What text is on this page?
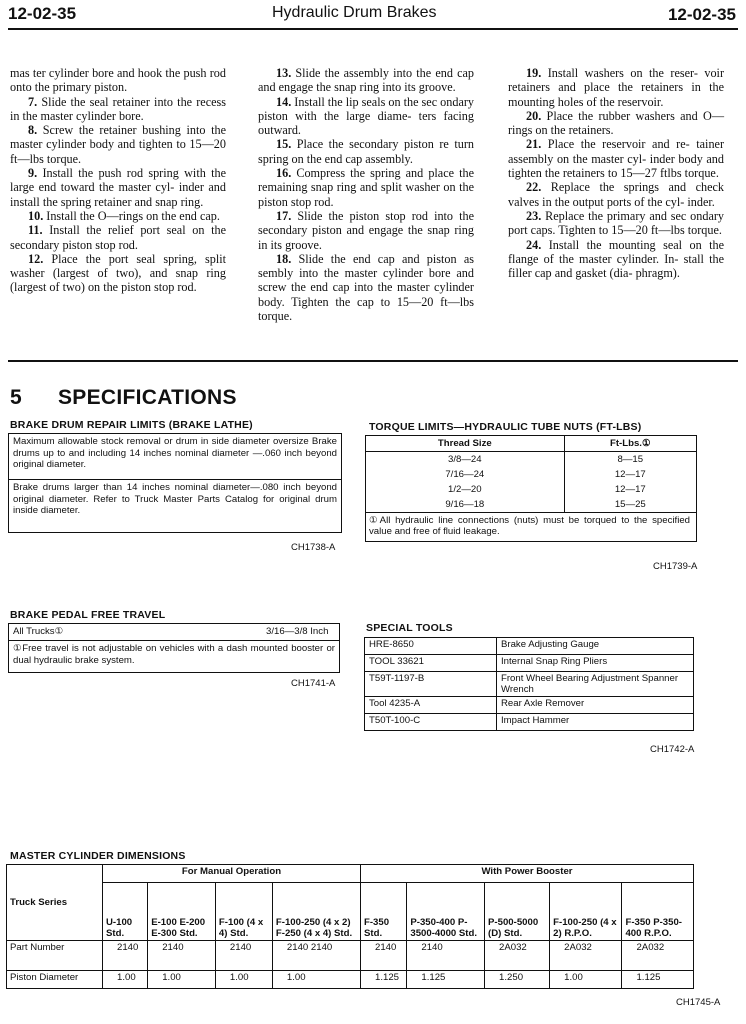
12-02-35	Hydraulic Drum Brakes	12-02-35

mas ter cylinder bore and hook the push rod onto the primary piston.

7. Slide the seal retainer into the recess in the master cylinder bore.

8. Screw the retainer bushing into the master cylinder body and tighten to 15—20 ft—lbs torque.

9. Install the push rod spring with the large end toward the master cyl- inder and install the spring retainer and snap ring.

10. Install the O—rings on the end cap.

11. Install the relief port seal on the secondary piston stop rod.

12. Place the port seal spring, split washer (largest of two), and snap ring (largest of two) on the piston stop rod.

13. Slide the assembly into the end cap and engage the snap ring into its groove.

14. Install the lip seals on the sec ondary piston with the large diame- ters facing outward.

15. Place the secondary piston re turn spring on the end cap assembly.

16. Compress the spring and place the remaining snap ring and split washer on the piston stop rod.

17. Slide the piston stop rod into the secondary piston and engage the snap ring in its groove.

18. Slide the end cap and piston as sembly into the master cylinder bore and screw the end cap into the master cylinder body. Tighten the cap to 15—20 ft—lbs torque.

19. Install washers on the reser- voir retainers and place the retainers in the mounting holes of the reservoir.

20. Place the rubber washers and O—rings on the retainers.

21. Place the reservoir and re- tainer assembly on the master cyl- inder body and tighten the retainers to 15—27 ftlbs torque.

22. Replace the springs and check valves in the output ports of the cyl- inder.

23. Replace the primary and sec ondary port caps. Tighten to 15—20 ft—lbs torque.

24. Install the mounting seal on the flange of the master cylinder. In- stall the filler cap and gasket (dia- phragm).

5 SPECIFICATIONS
BRAKE DRUM REPAIR LIMITS (BRAKE LATHE)
Maximum allowable stock removal or drum in side diameter oversize Brake drums up to and including 14 inches nominal diameter —.060 inch beyond original diameter.
Brake drums larger than 14 inches nominal diameter—.080 inch beyond original diameter. Refer to Truck Master Parts Catalog for original drum inside diameter.
CH1738-A
TORQUE LIMITS—HYDRAULIC TUBE NUTS (FT-LBS)
Thread Size	Ft-Lbs.①
3/8—24	8—15
7/16—24	12—17
1/2—20	12—17
9/16—18	15—25
①All hydraulic line connections (nuts) must be torqued to the specified value and free of fluid leakage.
CH1739-A
BRAKE PEDAL FREE TRAVEL
All Trucks①	3/16—3/8 Inch
①Free travel is not adjustable on vehicles with a dash mounted booster or dual hydraulic brake system.
CH1741-A
SPECIAL TOOLS
HRE-8650	Brake Adjusting Gauge
TOOL 33621	Internal Snap Ring Pliers
T59T-1197-B	Front Wheel Bearing Adjustment Spanner Wrench
Tool 4235-A	Rear Axle Remover
T50T-100-C	Impact Hammer
CH1742-A
MASTER CYLINDER DIMENSIONS
Truck Series	For Manual Operation				With Power Booster				
	U-100 Std.	E-100 E-200 E-300 Std.	F-100 (4 x 4) Std.	F-100-250 (4 x 2) F-250 (4 x 4) Std.	F-350 Std.	P-350-400 P-3500-4000 Std.	P-500-5000 (D) Std.	F-100-250 (4 x 2) R.P.O.	F-350 P-350-400 R.P.O.
Part Number	2140	2140	2140	2140 2140	2140	2140	2A032	2A032	2A032
Piston Diameter	1.00	1.00	1.00	1.00	1.125	1.125	1.250	1.00	1.125
CH1745-A
